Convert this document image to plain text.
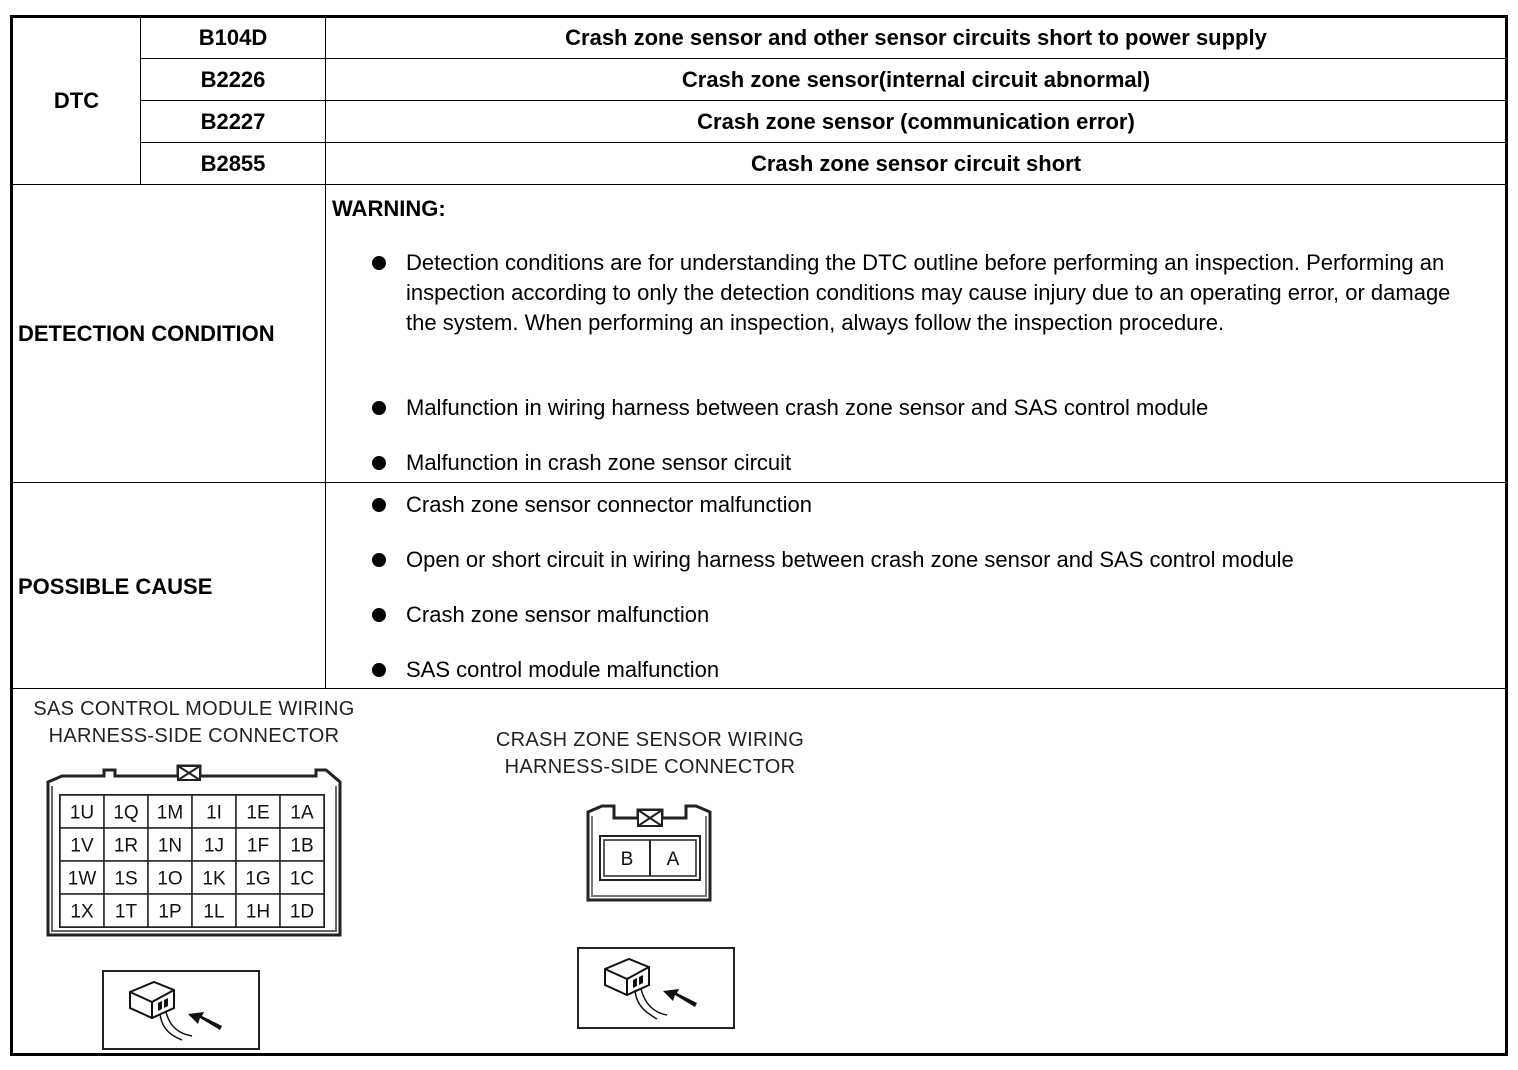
DTC
B104D	Crash zone sensor and other sensor circuits short to power supply
B2226	Crash zone sensor(internal circuit abnormal)
B2227	Crash zone sensor (communication error)
B2855	Crash zone sensor circuit short
DETECTION CONDITION
WARNING:
Detection conditions are for understanding the DTC outline before performing an inspection. Performing an inspection according to only the detection conditions may cause injury due to an operating error, or damage the system. When performing an inspection, always follow the inspection procedure.
Malfunction in wiring harness between crash zone sensor and SAS control module
Malfunction in crash zone sensor circuit
POSSIBLE CAUSE
Crash zone sensor connector malfunction
Open or short circuit in wiring harness between crash zone sensor and SAS control module
Crash zone sensor malfunction
SAS control module malfunction
SAS CONTROL MODULE WIRING
HARNESS-SIDE CONNECTOR	CRASH ZONE SENSOR WIRING
HARNESS-SIDE CONNECTOR
1U 1Q 1M 1I 1E 1A
1V 1R 1N 1J 1F 1B
1W 1S 1O 1K 1G 1C
1X 1T 1P 1L 1H 1D
B A
